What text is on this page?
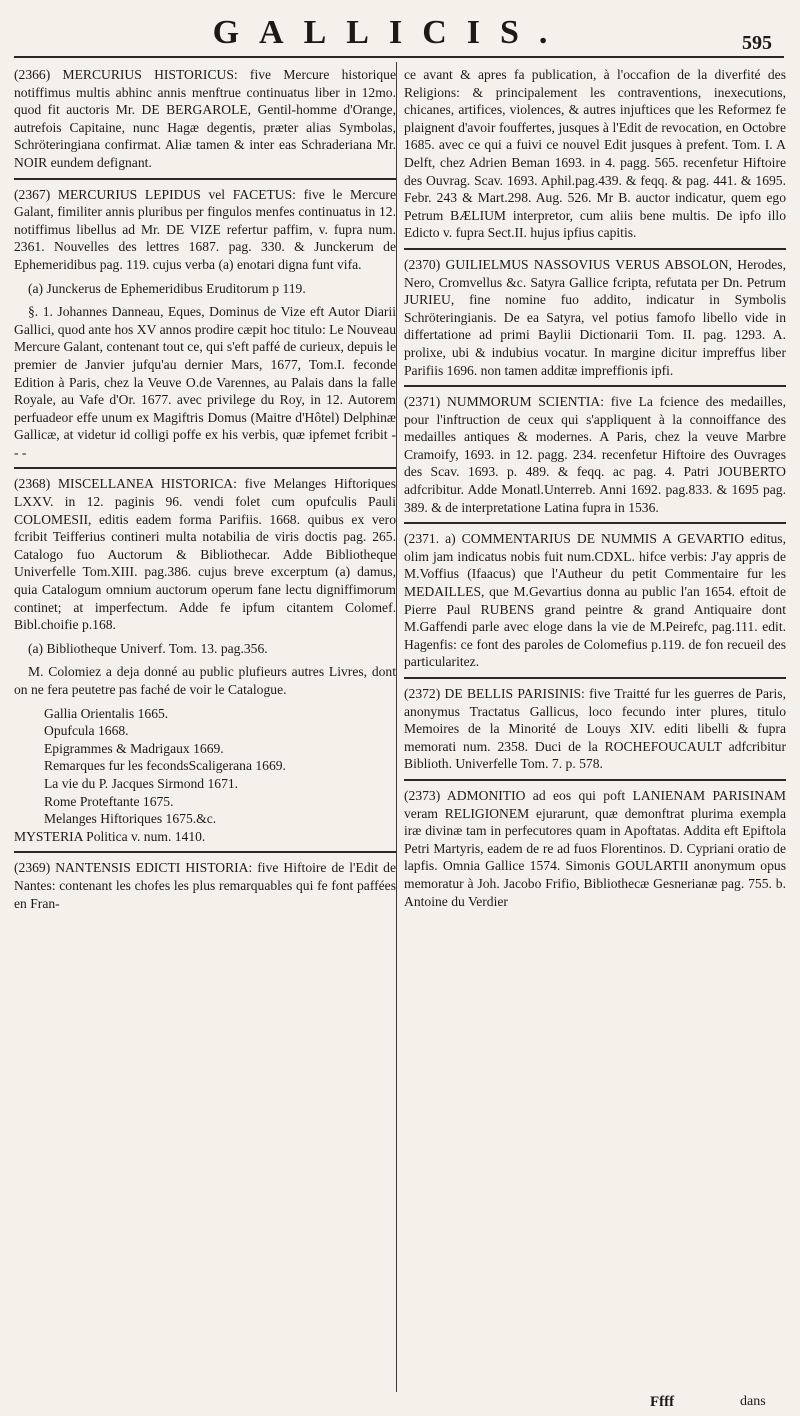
GALLICIS.	595

(2366) MERCURIUS HISTORICUS: five Mercure historique notiffimus multis abhinc annis menftrue continuatus liber in 12mo. quod fit auctoris Mr. DE BERGAROLE, Gentil-homme d'Orange, autrefois Capitaine, nunc Hagæ degentis, præter alias Symbolas, Schröteringiana confirmat. Aliæ tamen & inter eas Schraderiana Mr. NOIR eundem defignant.

(2367) MERCURIUS LEPIDUS vel FACETUS: five le Mercure Galant, fimiliter annis pluribus per fingulos menfes continuatus in 12. notiffimus libellus ad Mr. DE VIZE refertur paffim, v. fupra num. 2361. Nouvelles des lettres 1687. pag. 330. & Junckerum de Ephemeridibus pag. 119. cujus verba (a) enotari digna funt vifa.

(a) Junckerus de Ephemeridibus Eruditorum p 119.

§. 1. Johannes Danneau, Eques, Dominus de Vize eft Autor Diarii Gallici, quod ante hos XV annos prodire cæpit hoc titulo: Le Nouveau Mercure Galant, contenant tout ce, qui s'eft paffé de curieux, depuis le premier de Janvier jufqu'au dernier Mars, 1677, Tom.I. feconde Edition à Paris, chez la Veuve O.de Varennes, au Palais dans la falle Royale, au Vafe d'Or. 1677. avec privilege du Roy, in 12. Autorem perfuadeor effe unum ex Magiftris Domus (Maitre d'Hôtel) Delphinæ Gallicæ, at videtur id colligi poffe ex his verbis, quæ ipfemet fcribit - - -

(2368) MISCELLANEA HISTORICA: five Melanges Hiftoriques LXXV. in 12. paginis 96. vendi folet cum opufculis Pauli COLOMESII, editis eadem forma Parifiis. 1668. quibus ex vero fcribit Teifferius contineri multa notabilia de viris doctis pag. 265. Catalogo fuo Auctorum & Bibliothecar. Adde Bibliotheque Univerfelle Tom.XIII. pag.386. cujus breve excerptum (a) damus, quia Catalogum omnium auctorum operum fane lectu digniffimorum continet; at imperfectum. Adde fe ipfum citantem Colomef. Bibl.choifie p.168.

(a) Bibliotheque Univerf. Tom. 13. pag.356.

M. Colomiez a deja donné au public plufieurs autres Livres, dont on ne fera peutetre pas faché de voir le Catalogue.

Gallia Orientalis 1665.
Opufcula 1668.
Epigrammes & Madrigaux 1669.
Remarques fur les fecondsScaligerana 1669.
La vie du P. Jacques Sirmond 1671.
Rome Proteftante 1675.
Melanges Hiftoriques 1675.&c.
MYSTERIA Politica v. num. 1410.

(2369) NANTENSIS EDICTI HISTORIA: five Hiftoire de l'Edit de Nantes: contenant les chofes les plus remarquables qui fe font paffées en Fran-

ce avant & apres fa publication, à l'occafion de la diverfité des Religions: & principalement les contraventions, inexecutions, chicanes, artifices, violences, & autres injuftices que les Reformez fe plaignent d'avoir fouffertes, jusques à l'Edit de revocation, en Octobre 1685. avec ce qui a fuivi ce nouvel Edit jusques à prefent. Tom. I. A Delft, chez Adrien Beman 1693. in 4. pagg. 565. recenfetur Hiftoire des Ouvrag. Scav. 1693. Aphil.pag.439. & feqq. & pag. 441. & 1695. Febr. 243 & Mart.298. Aug. 526. Mr B. auctor indicatur, quem ego Petrum BÆLIUM interpretor, cum aliis bene multis. De ipfo illo Edicto v. fupra Sect.II. hujus ipfius capitis.

(2370) GUILIELMUS NASSOVIUS VERUS ABSOLON, Herodes, Nero, Cromvellus &c. Satyra Gallice fcripta, refutata per Dn. Petrum JURIEU, fine nomine fuo addito, indicatur in Symbolis Schröteringianis. De ea Satyra, vel potius famofo libello vide in differtatione ad primi Baylii Dictionarii Tom. II. pag. 1293. A. prolixe, ubi & indubius vocatur. In margine dicitur impreffus liber Parifiis 1696. non tamen additæ impreffionis ipfi.

(2371) NUMMORUM SCIENTIA: five La fcience des medailles, pour l'inftruction de ceux qui s'appliquent à la connoiffance des medailles antiques & modernes. A Paris, chez la veuve Marbre Cramoify, 1693. in 12. pagg. 234. recenfetur Hiftoire des Ouvrages des Scav. 1693. p. 489. & feqq. ac pag. 4. Patri JOUBERTO adfcribitur. Adde Monatl.Unterreb. Anni 1692. pag.833. & 1695 pag. 389. & de interpretatione Latina fupra in 1536.

(2371. a) COMMENTARIUS DE NUMMIS A GEVARTIO editus, olim jam indicatus nobis fuit num.CDXL. hifce verbis: J'ay appris de M.Voffius (Ifaacus) que l'Autheur du petit Commentaire fur les MEDAILLES, que M.Gevartius donna au public l'an 1654. eftoit de Pierre Paul RUBENS grand peintre & grand Antiquaire dont M.Gaffendi parle avec eloge dans la vie de M.Peirefc, pag.111. edit. Hagenfis: ce font des paroles de Colomefius p.119. de fon recueil des particularitez.

(2372) DE BELLIS PARISINIS: five Traitté fur les guerres de Paris, anonymus Tractatus Gallicus, loco fecundo inter plures, titulo Memoires de la Minorité de Louys XIV. editi libelli & fupra memorati num. 2358. Duci de la ROCHEFOUCAULT adfcribitur Biblioth. Univerfelle Tom. 7. p. 578.

(2373) ADMONITIO ad eos qui poft LANIENAM PARISINAM veram RELIGIONEM ejurarunt, quæ demonftrat plurima exempla iræ divinæ tam in perfecutores quam in Apoftatas. Addita eft Epiftola Petri Martyris, eadem de re ad fuos Florentinos. D. Cypriani oratio de lapfis. Omnia Gallice 1574. Simonis GOULARTII anonymum opus memoratur à Joh. Jacobo Frifio, Bibliothecæ Gesnerianæ pag. 755. b. Antoine du Verdier

Ffff	dans
